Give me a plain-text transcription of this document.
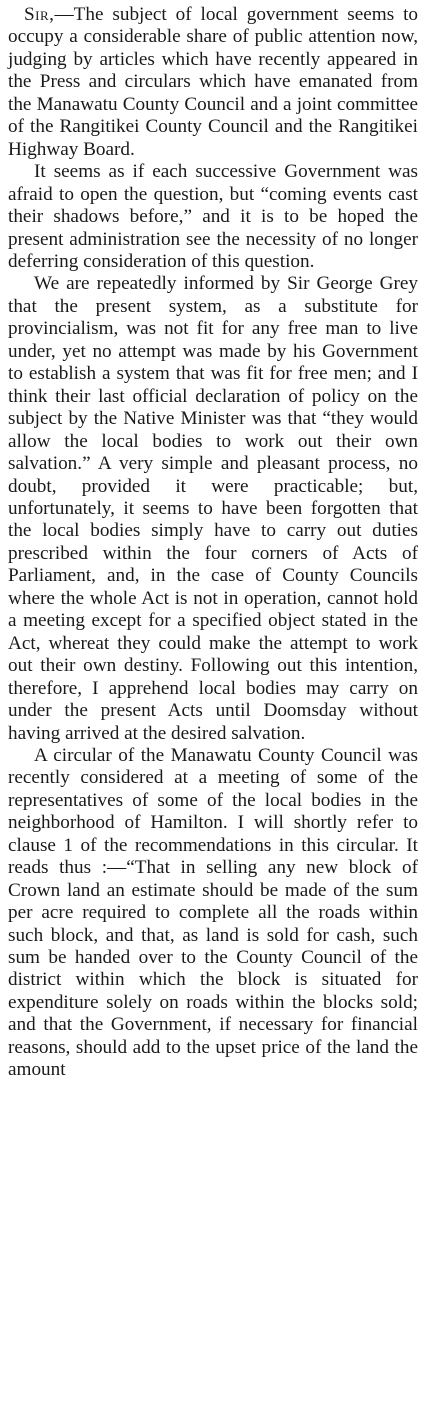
Sir,—The subject of local government seems to occupy a considerable share of public attention now, judging by articles which have recently appeared in the Press and circulars which have emanated from the Manawatu County Council and a joint committee of the Rangitikei County Council and the Rangitikei Highway Board.

It seems as if each successive Government was afraid to open the question, but “coming events cast their shadows before,” and it is to be hoped the present administration see the necessity of no longer deferring consideration of this question.

We are repeatedly informed by Sir George Grey that the present system, as a substitute for provincialism, was not fit for any free man to live under, yet no attempt was made by his Government to establish a system that was fit for free men; and I think their last official declaration of policy on the subject by the Native Minister was that “they would allow the local bodies to work out their own salvation.” A very simple and pleasant process, no doubt, provided it were practicable; but, unfortunately, it seems to have been forgotten that the local bodies simply have to carry out duties prescribed within the four corners of Acts of Parliament, and, in the case of County Councils where the whole Act is not in operation, cannot hold a meeting except for a specified object stated in the Act, whereat they could make the attempt to work out their own destiny. Following out this intention, therefore, I apprehend local bodies may carry on under the present Acts until Doomsday without having arrived at the desired salvation.

A circular of the Manawatu County Council was recently considered at a meeting of some of the representatives of some of the local bodies in the neighborhood of Hamilton. I will shortly refer to clause 1 of the recommendations in this circular. It reads thus :—“That in selling any new block of Crown land an estimate should be made of the sum per acre required to complete all the roads within such block, and that, as land is sold for cash, such sum be handed over to the County Council of the district within which the block is situated for expenditure solely on roads within the blocks sold; and that the Government, if necessary for financial reasons, should add to the upset price of the land the amount
